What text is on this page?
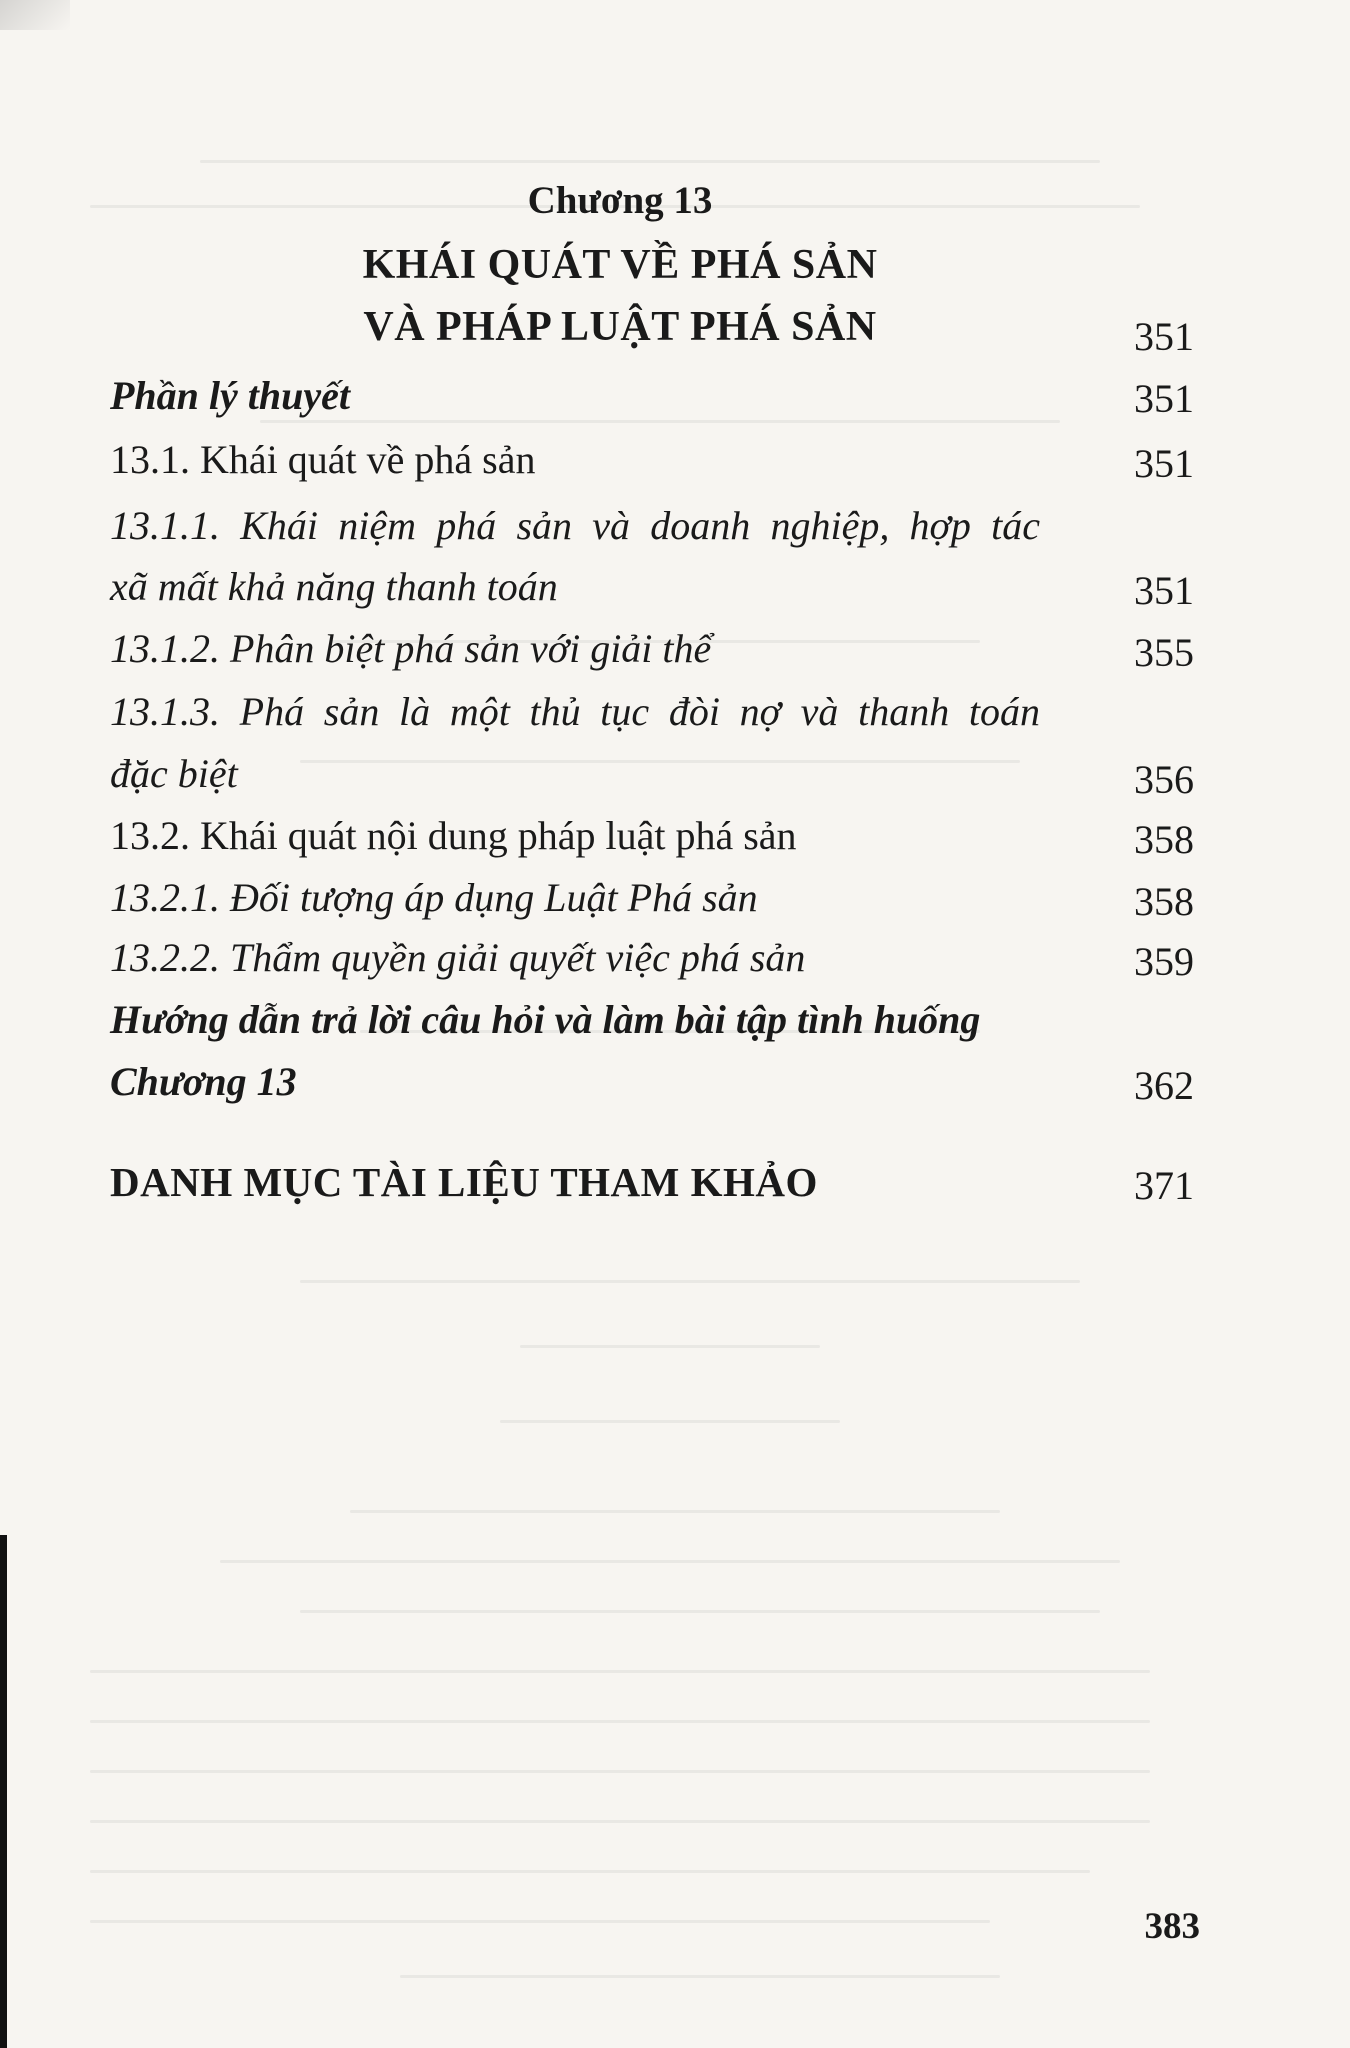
Chương 13
KHÁI QUÁT VỀ PHÁ SẢN
VÀ PHÁP LUẬT PHÁ SẢN	351
Phần lý thuyết	351
13.1. Khái quát về phá sản	351
13.1.1. Khái niệm phá sản và doanh nghiệp, hợp tác
xã mất khả năng thanh toán	351
13.1.2. Phân biệt phá sản với giải thể	355
13.1.3. Phá sản là một thủ tục đòi nợ và thanh toán
đặc biệt	356
13.2. Khái quát nội dung pháp luật phá sản	358
13.2.1. Đối tượng áp dụng Luật Phá sản	358
13.2.2. Thẩm quyền giải quyết việc phá sản	359
Hướng dẫn trả lời câu hỏi và làm bài tập tình huống
Chương 13	362
DANH MỤC TÀI LIỆU THAM KHẢO	371
383
